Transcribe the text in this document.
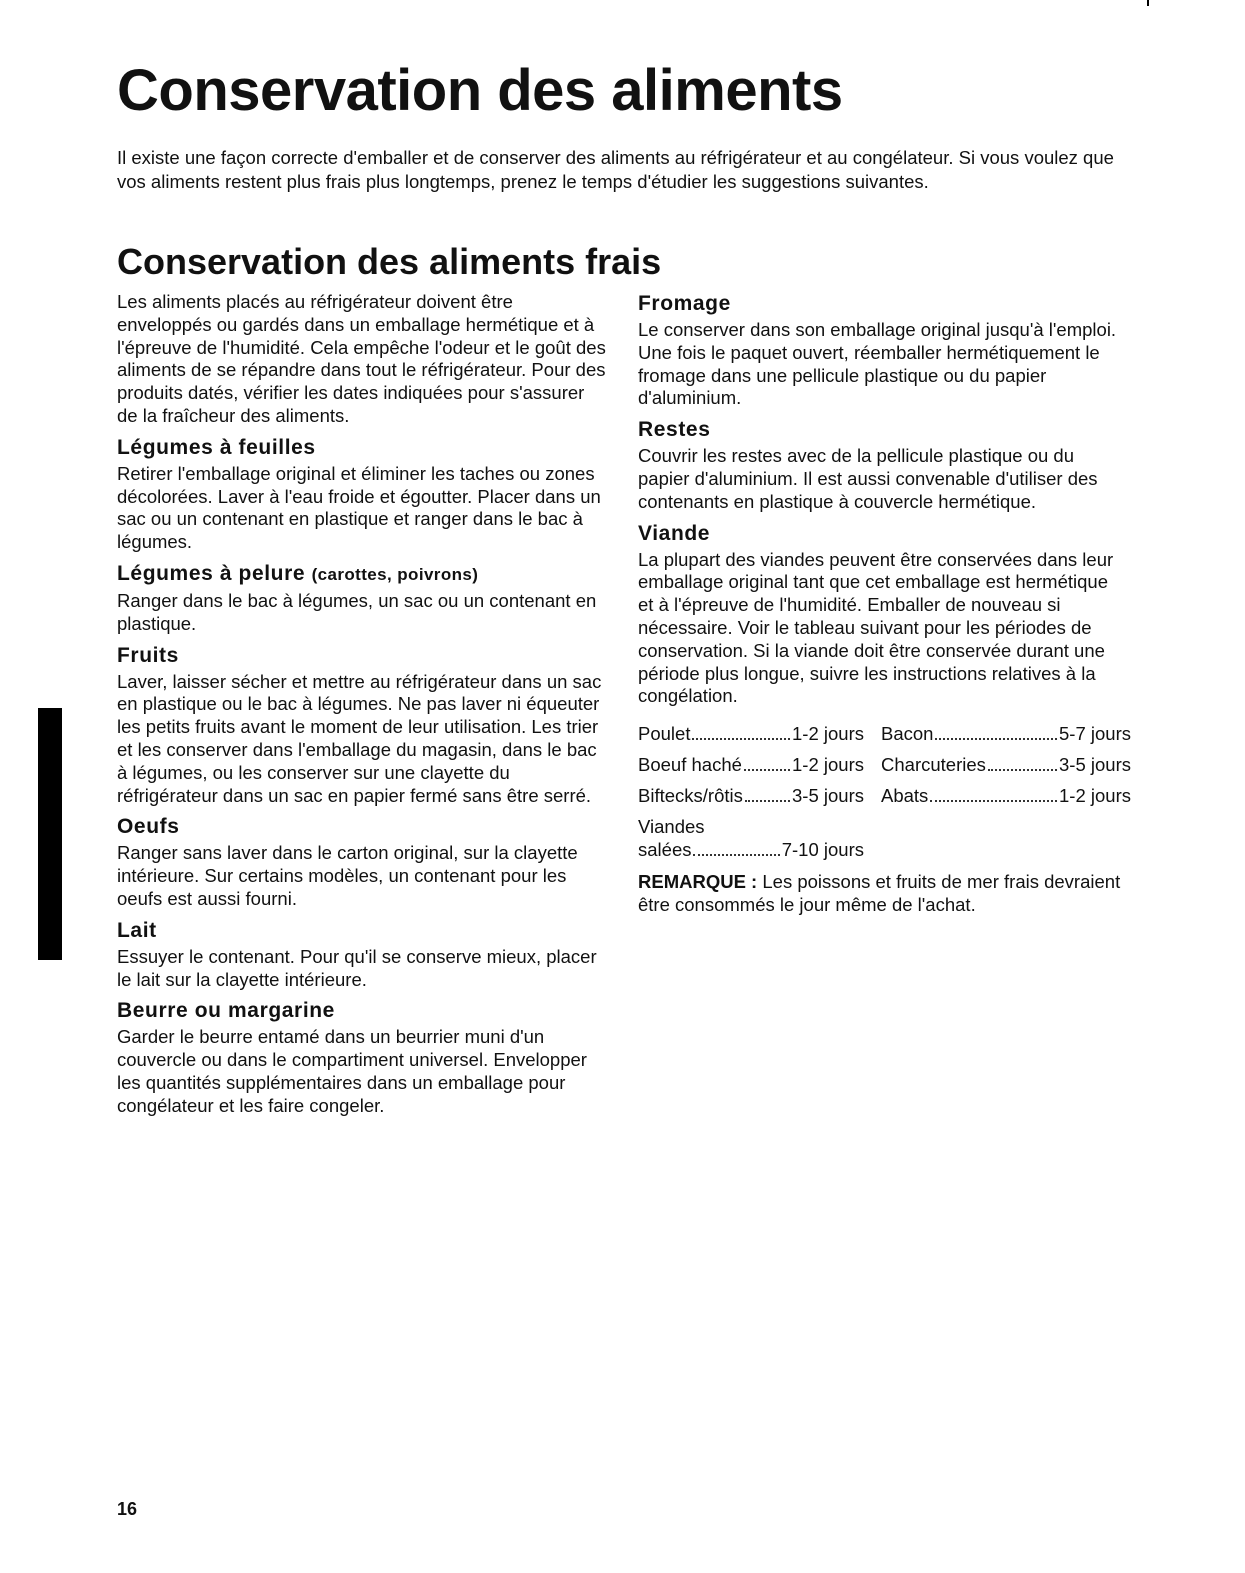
Conservation des aliments

Il existe une façon correcte d'emballer et de conserver des aliments au réfrigérateur et au congélateur. Si vous voulez que vos aliments restent plus frais plus longtemps, prenez le temps d'étudier les suggestions suivantes.

Conservation des aliments frais

Les aliments placés au réfrigérateur doivent être enveloppés ou gardés dans un emballage hermétique et à l'épreuve de l'humidité. Cela empêche l'odeur et le goût des aliments de se répandre dans tout le réfrigérateur. Pour des produits datés, vérifier les dates indiquées pour s'assurer de la fraîcheur des aliments.

Légumes à feuilles

Retirer l'emballage original et éliminer les taches ou zones décolorées. Laver à l'eau froide et égoutter. Placer dans un sac ou un contenant en plastique et ranger dans le bac à légumes.

Légumes à pelure (carottes, poivrons)

Ranger dans le bac à légumes, un sac ou un contenant en plastique.

Fruits

Laver, laisser sécher et mettre au réfrigérateur dans un sac en plastique ou le bac à légumes. Ne pas laver ni équeuter les petits fruits avant le moment de leur utilisation. Les trier et les conserver dans l'emballage du magasin, dans le bac à légumes, ou les conserver sur une clayette du réfrigérateur dans un sac en papier fermé sans être serré.

Oeufs

Ranger sans laver dans le carton original, sur la clayette intérieure. Sur certains modèles, un contenant pour les oeufs est aussi fourni.

Lait

Essuyer le contenant. Pour qu'il se conserve mieux, placer le lait sur la clayette intérieure.

Beurre ou margarine

Garder le beurre entamé dans un beurrier muni d'un couvercle ou dans le compartiment universel. Envelopper les quantités supplémentaires dans un emballage pour congélateur et les faire congeler.

Fromage

Le conserver dans son emballage original jusqu'à l'emploi. Une fois le paquet ouvert, réemballer hermétiquement le fromage dans une pellicule plastique ou du papier d'aluminium.

Restes

Couvrir les restes avec de la pellicule plastique ou du papier d'aluminium. Il est aussi convenable d'utiliser des contenants en plastique à couvercle hermétique.

Viande

La plupart des viandes peuvent être conservées dans leur emballage original tant que cet emballage est hermétique et à l'épreuve de l'humidité. Emballer de nouveau si nécessaire. Voir le tableau suivant pour les périodes de conservation. Si la viande doit être conservée durant une période plus longue, suivre les instructions relatives à la congélation.

Poulet	1-2 jours Bacon	5-7 jours
Boeuf haché	1-2 jours Charcuteries	3-5 jours
Biftecks/rôtis	3-5 jours Abats	1-2 jours
Viandes
salées	7-10 jours

REMARQUE : Les poissons et fruits de mer frais devraient être consommés le jour même de l'achat.

16
